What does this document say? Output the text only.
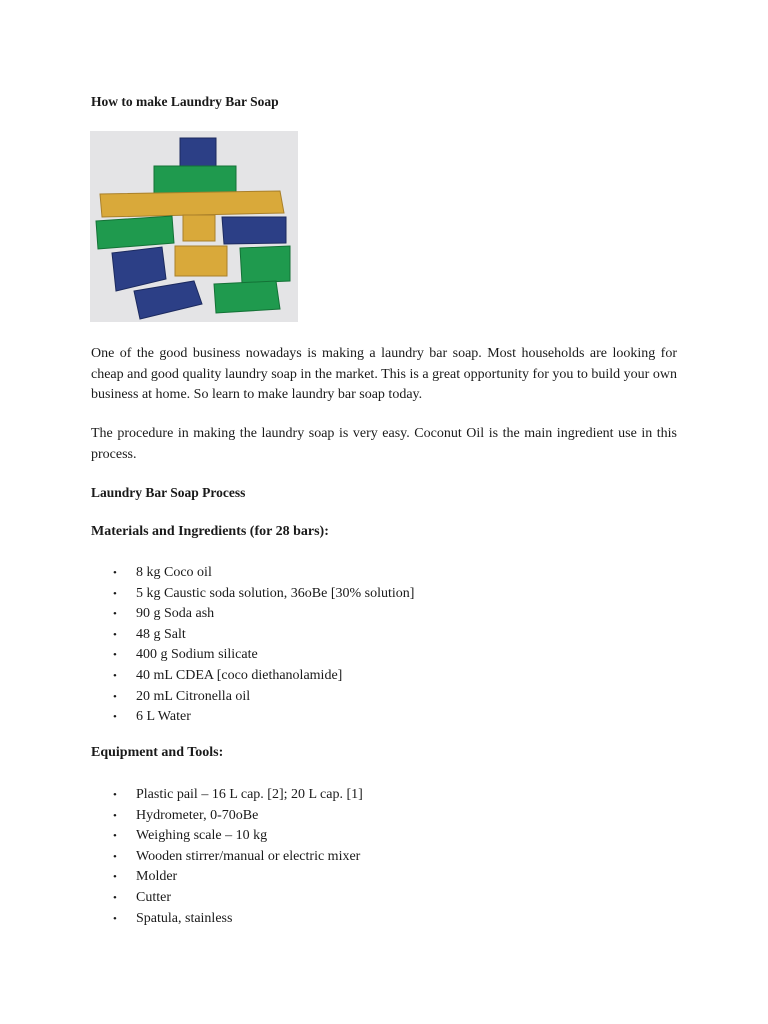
How to make Laundry Bar Soap

One of the good business nowadays is making a laundry bar soap. Most households are looking for cheap and good quality laundry soap in the market. This is a great opportunity for you to build your own business at home. So learn to make laundry bar soap today.

The procedure in making the laundry soap is very easy. Coconut Oil is the main ingredient use in this process.

Laundry Bar Soap Process
Materials and Ingredients (for 28 bars):
• 8 kg Coco oil
• 5 kg Caustic soda solution, 36oBe [30% solution]
• 90 g Soda ash
• 48 g Salt
• 400 g Sodium silicate
• 40 mL CDEA [coco diethanolamide]
• 20 mL Citronella oil
• 6 L Water
Equipment and Tools:
• Plastic pail – 16 L cap. [2]; 20 L cap. [1]
• Hydrometer, 0-70oBe
• Weighing scale – 10 kg
• Wooden stirrer/manual or electric mixer
• Molder
• Cutter
• Spatula, stainless
